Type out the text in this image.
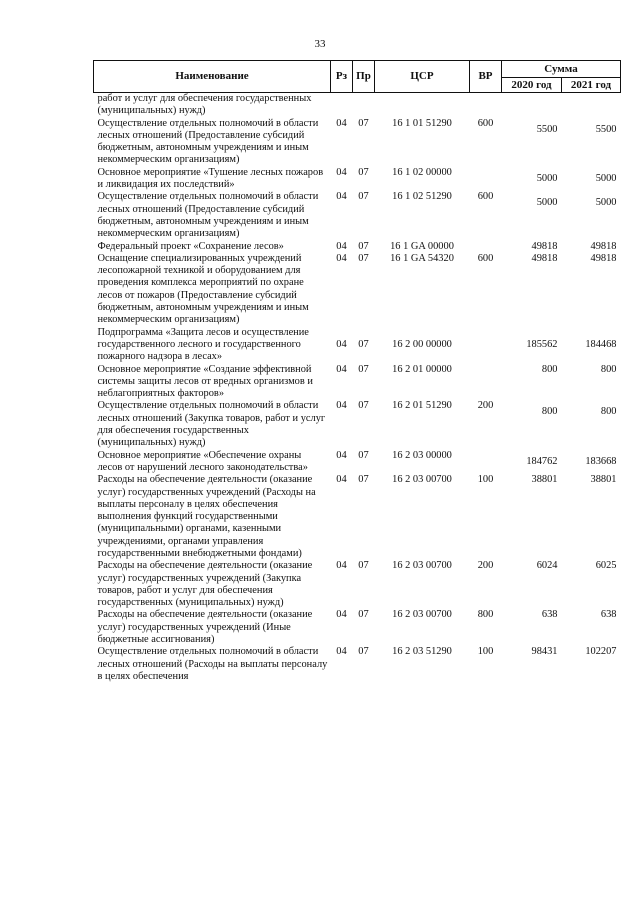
33
Наименование	Рз	Пр	ЦСР	ВР	Сумма	
					2020 год	2021 год
работ и услуг для обеспечения государственных (муниципальных) нужд)	

Осуществление отдельных полномочий в области лесных отношений (Предоставление субсидий бюджетным, автономным учреждениям и иным некоммерческим организациям)	04	07	16 1 01 51290	600	5500	5500

Основное мероприятие «Тушение лесных пожаров и ликвидация их последствий»	04	07	16 1 02 00000		5000	5000

Осуществление отдельных полномочий в области лесных отношений (Предоставление субсидий бюджетным, автономным учреждениям и иным некоммерческим организациям)	04	07	16 1 02 51290	600	5000	5000

Федеральный проект «Сохранение лесов»	04	07	16 1 GA 00000		49818	49818

Оснащение специализированных учреждений лесопожарной техникой и оборудованием для проведения комплекса мероприятий по охране лесов от пожаров (Предоставление субсидий бюджетным, автономным учреждениям и иным некоммерческим организациям)	04	07	16 1 GA 54320	600	49818	49818

Подпрограмма «Защита лесов и осуществление государственного лесного и государственного пожарного надзора в лесах»	04	07	16 2 00 00000		185562	184468

Основное мероприятие «Создание эффективной системы защиты лесов от вредных организмов и неблагоприятных факторов»	04	07	16 2 01 00000		800	800

Осуществление отдельных полномочий в области лесных отношений (Закупка товаров, работ и услуг для обеспечения государственных (муниципальных) нужд)	04	07	16 2 01 51290	200	800	800

Основное мероприятие «Обеспечение охраны лесов от нарушений лесного законодательства»	04	07	16 2 03 00000		184762	183668

Расходы на обеспечение деятельности (оказание услуг) государственных учреждений (Расходы на выплаты персоналу в целях обеспечения выполнения функций государственными (муниципальными) органами, казенными учреждениями, органами управления государственными внебюджетными фондами)	04	07	16 2 03 00700	100	38801	38801

Расходы на обеспечение деятельности (оказание услуг) государственных учреждений (Закупка товаров, работ и услуг для обеспечения государственных (муниципальных) нужд)	04	07	16 2 03 00700	200	6024	6025

Расходы на обеспечение деятельности (оказание услуг) государственных учреждений (Иные бюджетные ассигнования)	04	07	16 2 03 00700	800	638	638

Осуществление отдельных полномочий в области лесных отношений (Расходы на выплаты персоналу в целях обеспечения	04	07	16 2 03 51290	100	98431	102207
